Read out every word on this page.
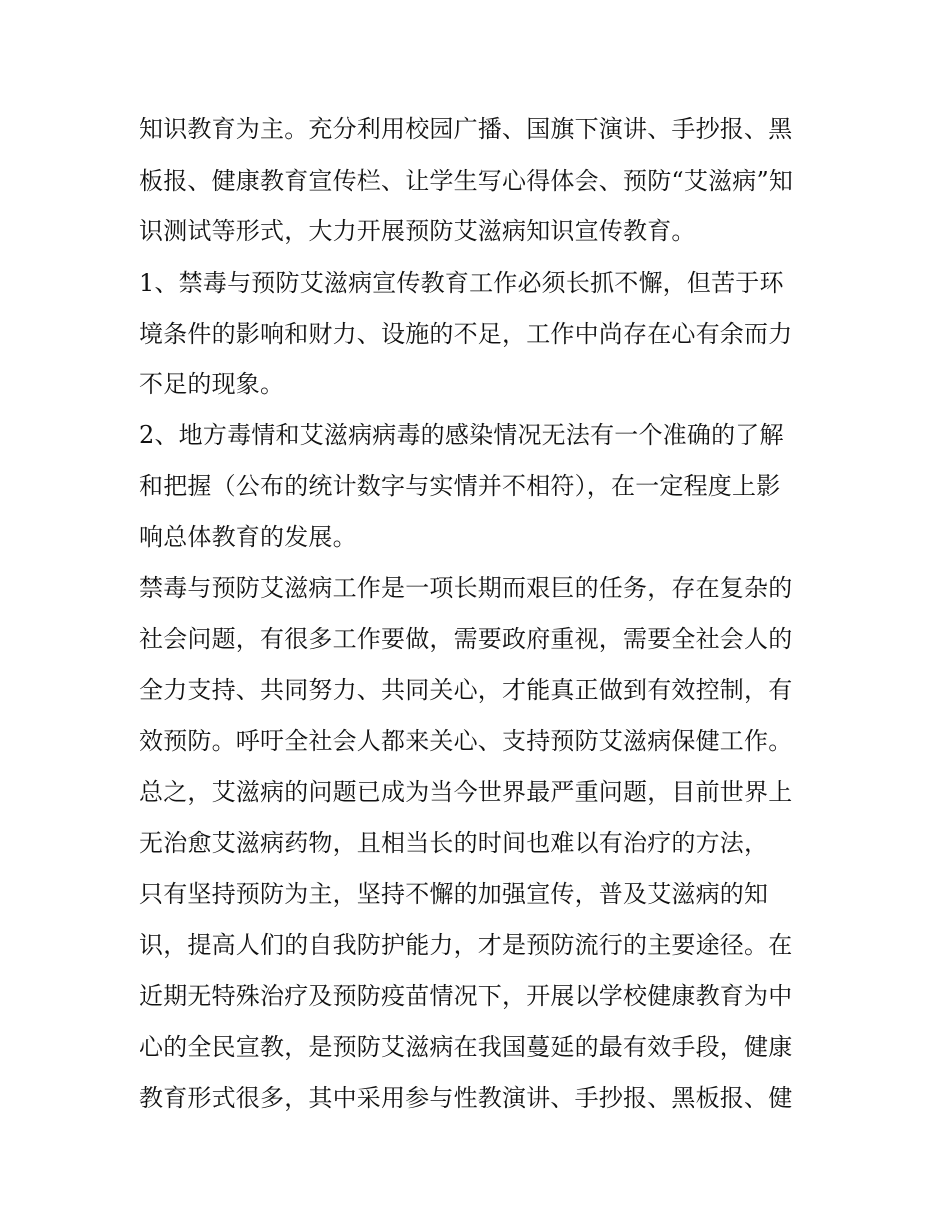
知识教育为主。充分利用校园广播、国旗下演讲、手抄报、黑
板报、健康教育宣传栏、让学生写心得体会、预防“艾滋病”知
识测试等形式，大力开展预防艾滋病知识宣传教育。
1、禁毒与预防艾滋病宣传教育工作必须长抓不懈，但苦于环
境条件的影响和财力、设施的不足，工作中尚存在心有余而力
不足的现象。
2、地方毒情和艾滋病病毒的感染情况无法有一个准确的了解
和把握（公布的统计数字与实情并不相符），在一定程度上影
响总体教育的发展。
禁毒与预防艾滋病工作是一项长期而艰巨的任务，存在复杂的
社会问题，有很多工作要做，需要政府重视，需要全社会人的
全力支持、共同努力、共同关心，才能真正做到有效控制，有
效预防。呼吁全社会人都来关心、支持预防艾滋病保健工作。
总之，艾滋病的问题已成为当今世界最严重问题，目前世界上
无治愈艾滋病药物，且相当长的时间也难以有治疗的方法，
只有坚持预防为主，坚持不懈的加强宣传，普及艾滋病的知
识，提高人们的自我防护能力，才是预防流行的主要途径。在
近期无特殊治疗及预防疫苗情况下，开展以学校健康教育为中
心的全民宣教，是预防艾滋病在我国蔓延的最有效手段，健康
教育形式很多，其中采用参与性教演讲、手抄报、黑板报、健
